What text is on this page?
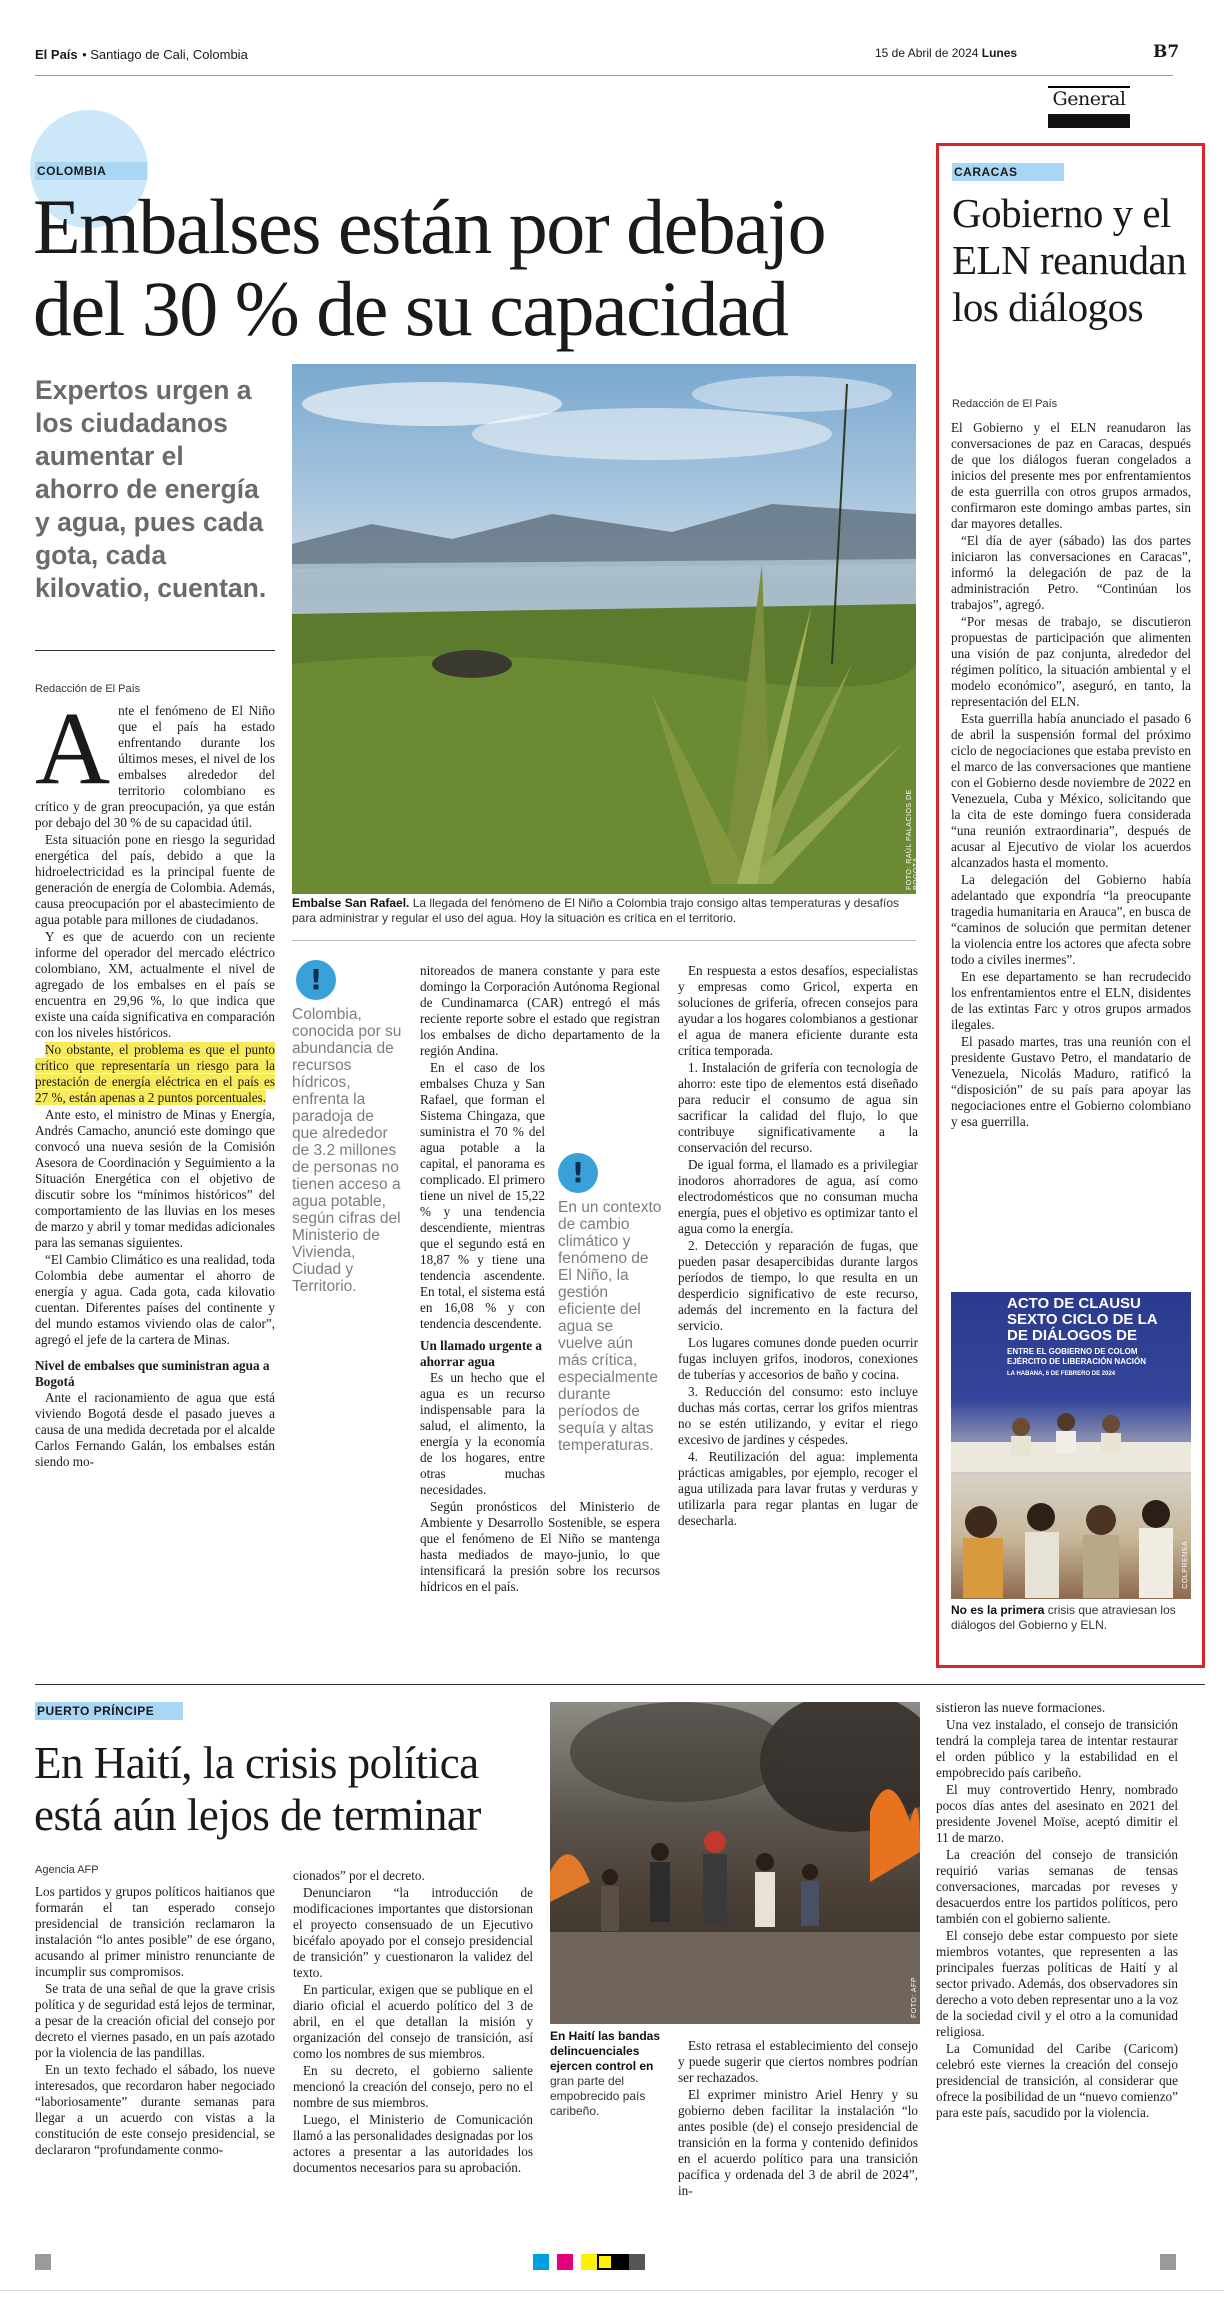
El País • Santiago de Cali, Colombia	15 de Abril de 2024 Lunes	B7
General
COLOMBIA
Embalses están por debajo
del 30 % de su capacidad
Expertos urgen a los ciudadanos aumentar el ahorro de energía y agua, pues cada gota, cada kilovatio, cuentan.
Redacción de El País
FOTO: RAÚL PALACIOS DE BOGOTÁ
Embalse San Rafael. La llegada del fenómeno de El Niño a Colombia trajo consigo altas temperaturas y desafíos para administrar y regular el uso del agua. Hoy la situación es crítica en el territorio.
A nte el fenómeno de El Niño que el país ha estado enfrentando durante los últimos meses, el nivel de los embalses alrededor del territorio colombiano es crítico y de gran preocupación, ya que están por debajo del 30 % de su capacidad útil.

Esta situación pone en riesgo la seguridad energética del país, debido a que la hidroelectricidad es la principal fuente de generación de energía de Colombia. Además, causa preocupación por el abastecimiento de agua potable para millones de ciudadanos.

Y es que de acuerdo con un reciente informe del operador del mercado eléctrico colombiano, XM, actualmente el nivel de agregado de los embalses en el país se encuentra en 29,96 %, lo que indica que existe una caída significativa en comparación con los niveles históricos.

No obstante, el problema es que el punto crítico que representaría un riesgo para la prestación de energía eléctrica en el país es 27 %, están apenas a 2 puntos porcentuales.

Ante esto, el ministro de Minas y Energía, Andrés Camacho, anunció este domingo que convocó una nueva sesión de la Comisión Asesora de Coordinación y Seguimiento a la Situación Energética con el objetivo de discutir sobre los “mínimos históricos” del comportamiento de las lluvias en los meses de marzo y abril y tomar medidas adicionales para las semanas siguientes.

“El Cambio Climático es una realidad, toda Colombia debe aumentar el ahorro de energía y agua. Cada gota, cada kilovatio cuentan. Diferentes países del continente y del mundo estamos viviendo olas de calor”, agregó el jefe de la cartera de Minas.

Nivel de embalses que suministran agua a Bogotá

Ante el racionamiento de agua que está viviendo Bogotá desde el pasado jueves a causa de una medida decretada por el alcalde Carlos Fernando Galán, los embalses están siendo mo-

!
Colombia, conocida por su abundancia de recursos hídricos, enfrenta la paradoja de que alrededor de 3.2 millones de personas no tienen acceso a agua potable, según cifras del Ministerio de Vivienda, Ciudad y Territorio.

nitoreados de manera constante y para este domingo la Corporación Autónoma Regional de Cundinamarca (CAR) entregó el más reciente reporte sobre el estado que registran los embalses de dicho departamento de la región Andina.

En el caso de los embalses Chuza y San Rafael, que forman el Sistema Chingaza, que suministra el 70 % del agua potable a la capital, el panorama es complicado. El primero tiene un nivel de 15,22 % y una tendencia descendiente, mientras que el segundo está en 18,87 % y tiene una tendencia ascendente. En total, el sistema está en 16,08 % y con tendencia descendente.

Un llamado urgente a ahorrar agua

Es un hecho que el agua es un recurso indispensable para la salud, el alimento, la energía y la economía de los hogares, entre otras muchas necesidades.

Según pronósticos del Ministerio de Ambiente y Desarrollo Sostenible, se espera que el fenómeno de El Niño se mantenga hasta mediados de mayo-junio, lo que intensificará la presión sobre los recursos hídricos en el país.

!
En un contexto de cambio climático y fenómeno de El Niño, la gestión eficiente del agua se vuelve aún más crítica, especialmente durante períodos de sequía y altas temperaturas.

En respuesta a estos desafíos, especialistas y empresas como Gricol, experta en soluciones de grifería, ofrecen consejos para ayudar a los hogares colombianos a gestionar el agua de manera eficiente durante esta crítica temporada.

1. Instalación de grifería con tecnología de ahorro: este tipo de elementos está diseñado para reducir el consumo de agua sin sacrificar la calidad del flujo, lo que contribuye significativamente a la conservación del recurso.

De igual forma, el llamado es a privilegiar inodoros ahorradores de agua, así como electrodomésticos que no consuman mucha energía, pues el objetivo es optimizar tanto el agua como la energía.

2. Detección y reparación de fugas, que pueden pasar desapercibidas durante largos períodos de tiempo, lo que resulta en un desperdicio significativo de este recurso, además del incremento en la factura del servicio.

Los lugares comunes donde pueden ocurrir fugas incluyen grifos, inodoros, conexiones de tuberías y accesorios de baño y cocina.

3. Reducción del consumo: esto incluye duchas más cortas, cerrar los grifos mientras no se estén utilizando, y evitar el riego excesivo de jardines y céspedes.

4. Reutilización del agua: implementa prácticas amigables, por ejemplo, recoger el agua utilizada para lavar frutas y verduras y utilizarla para regar plantas en lugar de desecharla.

CARACAS
Gobierno y el ELN reanudan los diálogos
Redacción de El País

El Gobierno y el ELN reanudaron las conversaciones de paz en Caracas, después de que los diálogos fueran congelados a inicios del presente mes por enfrentamientos de esta guerrilla con otros grupos armados, confirmaron este domingo ambas partes, sin dar mayores detalles.

“El día de ayer (sábado) las dos partes iniciaron las conversaciones en Caracas”, informó la delegación de paz de la administración Petro. “Continúan los trabajos”, agregó.

“Por mesas de trabajo, se discutieron propuestas de participación que alimenten una visión de paz conjunta, alrededor del régimen político, la situación ambiental y el modelo económico”, aseguró, en tanto, la representación del ELN.

Esta guerrilla había anunciado el pasado 6 de abril la suspensión formal del próximo ciclo de negociaciones que estaba previsto en el marco de las conversaciones que mantiene con el Gobierno desde noviembre de 2022 en Venezuela, Cuba y México, solicitando que la cita de este domingo fuera considerada “una reunión extraordinaria”, después de acusar al Ejecutivo de violar los acuerdos alcanzados hasta el momento.

La delegación del Gobierno había adelantado que expondría “la preocupante tragedia humanitaria en Arauca”, en busca de “caminos de solución que permitan detener la violencia entre los actores que afecta sobre todo a civiles inermes”.

En ese departamento se han recrudecido los enfrentamientos entre el ELN, disidentes de las extintas Farc y otros grupos armados ilegales.

El pasado martes, tras una reunión con el presidente Gustavo Petro, el mandatario de Venezuela, Nicolás Maduro, ratificó la “disposición” de su país para apoyar las negociaciones entre el Gobierno colombiano y esa guerrilla.

ACTO DE CLAUSU
SEXTO CICLO DE LA
DE DIÁLOGOS DE
ENTRE EL GOBIERNO DE COLOM
EJÉRCITO DE LIBERACIÓN NACIÓN
LA HABANA, 6 DE FEBRERO DE 2024
COLPRENSA
No es la primera crisis que atraviesan los diálogos del Gobierno y ELN.
PUERTO PRÍNCIPE
En Haití, la crisis política
está aún lejos de terminar
Agencia AFP

Los partidos y grupos políticos haitianos que formarán el tan esperado consejo presidencial de transición reclamaron la instalación “lo antes posible” de ese órgano, acusando al primer ministro renunciante de incumplir sus compromisos.

Se trata de una señal de que la grave crisis política y de seguridad está lejos de terminar, a pesar de la creación oficial del consejo por decreto el viernes pasado, en un país azotado por la violencia de las pandillas.

En un texto fechado el sábado, los nueve interesados, que recordaron haber negociado “laboriosamente” durante semanas para llegar a un acuerdo con vistas a la constitución de este consejo presidencial, se declararon “profundamente conmo-

cionados” por el decreto.

Denunciaron “la introducción de modificaciones importantes que distorsionan el proyecto consensuado de un Ejecutivo bicéfalo apoyado por el consejo presidencial de transición” y cuestionaron la validez del texto.

En particular, exigen que se publique en el diario oficial el acuerdo político del 3 de abril, en el que detallan la misión y organización del consejo de transición, así como los nombres de sus miembros.

En su decreto, el gobierno saliente mencionó la creación del consejo, pero no el nombre de sus miembros.

Luego, el Ministerio de Comunicación llamó a las personalidades designadas por los actores a presentar a las autoridades los documentos necesarios para su aprobación.

FOTO: AFP
En Haití las bandas delincuenciales ejercen control en gran parte del empobrecido país caribeño.

Esto retrasa el establecimiento del consejo y puede sugerir que ciertos nombres podrían ser rechazados.

El exprimer ministro Ariel Henry y su gobierno deben facilitar la instalación “lo antes posible (de) el consejo presidencial de transición en la forma y contenido definidos en el acuerdo político para una transición pacífica y ordenada del 3 de abril de 2024”, in-

sistieron las nueve formaciones.

Una vez instalado, el consejo de transición tendrá la compleja tarea de intentar restaurar el orden público y la estabilidad en el empobrecido país caribeño.

El muy controvertido Henry, nombrado pocos días antes del asesinato en 2021 del presidente Jovenel Moïse, aceptó dimitir el 11 de marzo.

La creación del consejo de transición requirió varias semanas de tensas conversaciones, marcadas por reveses y desacuerdos entre los partidos políticos, pero también con el gobierno saliente.

El consejo debe estar compuesto por siete miembros votantes, que representen a las principales fuerzas políticas de Haití y al sector privado. Además, dos observadores sin derecho a voto deben representar uno a la voz de la sociedad civil y el otro a la comunidad religiosa.

La Comunidad del Caribe (Caricom) celebró este viernes la creación del consejo presidencial de transición, al considerar que ofrece la posibilidad de un “nuevo comienzo” para este país, sacudido por la violencia.
